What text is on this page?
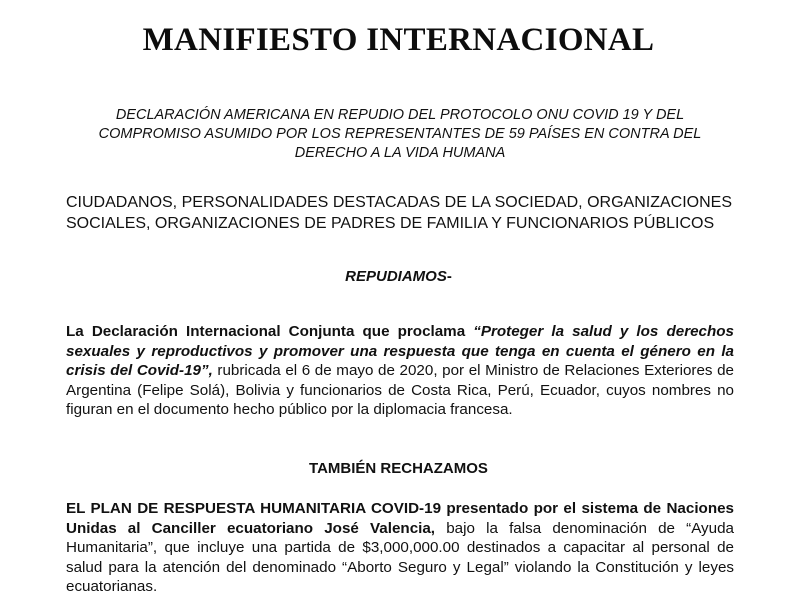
MANIFIESTO INTERNACIONAL
DECLARACIÓN AMERICANA EN REPUDIO DEL PROTOCOLO ONU COVID 19 Y DEL COMPROMISO ASUMIDO POR LOS REPRESENTANTES DE 59 PAÍSES EN CONTRA DEL DERECHO A LA VIDA HUMANA
CIUDADANOS, PERSONALIDADES DESTACADAS DE LA SOCIEDAD, ORGANIZACIONES SOCIALES, ORGANIZACIONES DE PADRES DE FAMILIA Y FUNCIONARIOS PÚBLICOS
REPUDIAMOS-
La Declaración Internacional Conjunta que proclama “Proteger la salud y los derechos sexuales y reproductivos y promover una respuesta que tenga en cuenta el género en la crisis del Covid-19”, rubricada el 6 de mayo de 2020, por el Ministro de Relaciones Exteriores de Argentina (Felipe Solá), Bolivia y funcionarios de Costa Rica, Perú, Ecuador, cuyos nombres no figuran en el documento hecho público por la diplomacia francesa.
TAMBIÉN RECHAZAMOS
EL PLAN DE RESPUESTA HUMANITARIA COVID-19 presentado por el sistema de Naciones Unidas al Canciller ecuatoriano José Valencia, bajo la falsa denominación de “Ayuda Humanitaria”, que incluye una partida de $3,000,000.00 destinados a capacitar al personal de salud para la atención del denominado “Aborto Seguro y Legal” violando la Constitución y leyes ecuatorianas.
